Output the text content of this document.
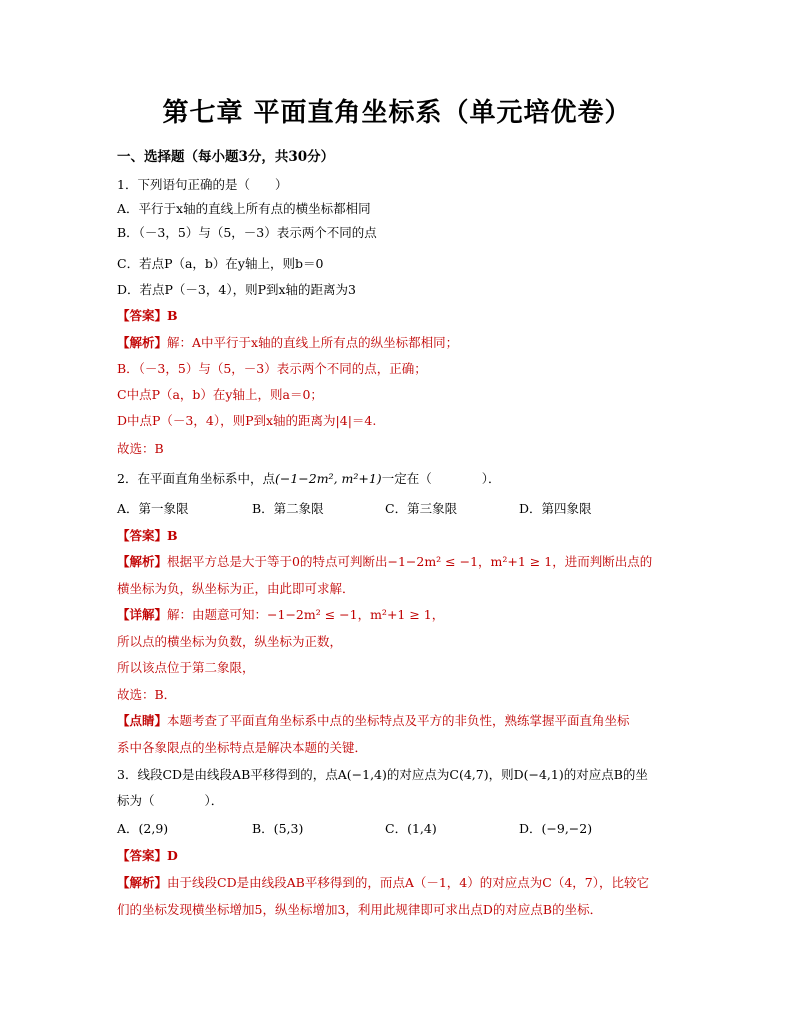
第七章 平面直角坐标系（单元培优卷）
一、选择题（每小题3分，共30分）
1．下列语句正确的是（　　）
A．平行于x轴的直线上所有点的横坐标都相同
B．（－3，5）与（5，－3）表示两个不同的点
C．若点P（a，b）在y轴上，则b＝0
D．若点P（－3，4），则P到x轴的距离为3
【答案】B
【解析】解：A中平行于x轴的直线上所有点的纵坐标都相同；
B．（－3，5）与（5，－3）表示两个不同的点，正确；
C中点P（a，b）在y轴上，则a＝0；
D中点P（－3，4），则P到x轴的距离为|4|＝4.
故选：B
2．在平面直角坐标系中，点(−1−2m², m²+1)一定在（　　　　）．
A．第一象限	B．第二象限	C．第三象限	D．第四象限
【答案】B
【解析】根据平方总是大于等于0的特点可判断出−1−2m² ≤ −1，m²+1 ≥ 1，进而判断出点的
横坐标为负，纵坐标为正，由此即可求解．
【详解】解：由题意可知：−1−2m² ≤ −1，m²+1 ≥ 1，
所以点的横坐标为负数，纵坐标为正数，
所以该点位于第二象限，
故选：B．
【点睛】本题考查了平面直角坐标系中点的坐标特点及平方的非负性，熟练掌握平面直角坐标
系中各象限点的坐标特点是解决本题的关键．
3．线段CD是由线段AB平移得到的，点A(−1,4)的对应点为C(4,7)，则D(−4,1)的对应点B的坐
标为（　　　　）．
A．(2,9)	B．(5,3)	C．(1,4)	D．(−9,−2)
【答案】D
【解析】由于线段CD是由线段AB平移得到的，而点A（－1，4）的对应点为C（4，7），比较它
们的坐标发现横坐标增加5，纵坐标增加3，利用此规律即可求出点D的对应点B的坐标．
